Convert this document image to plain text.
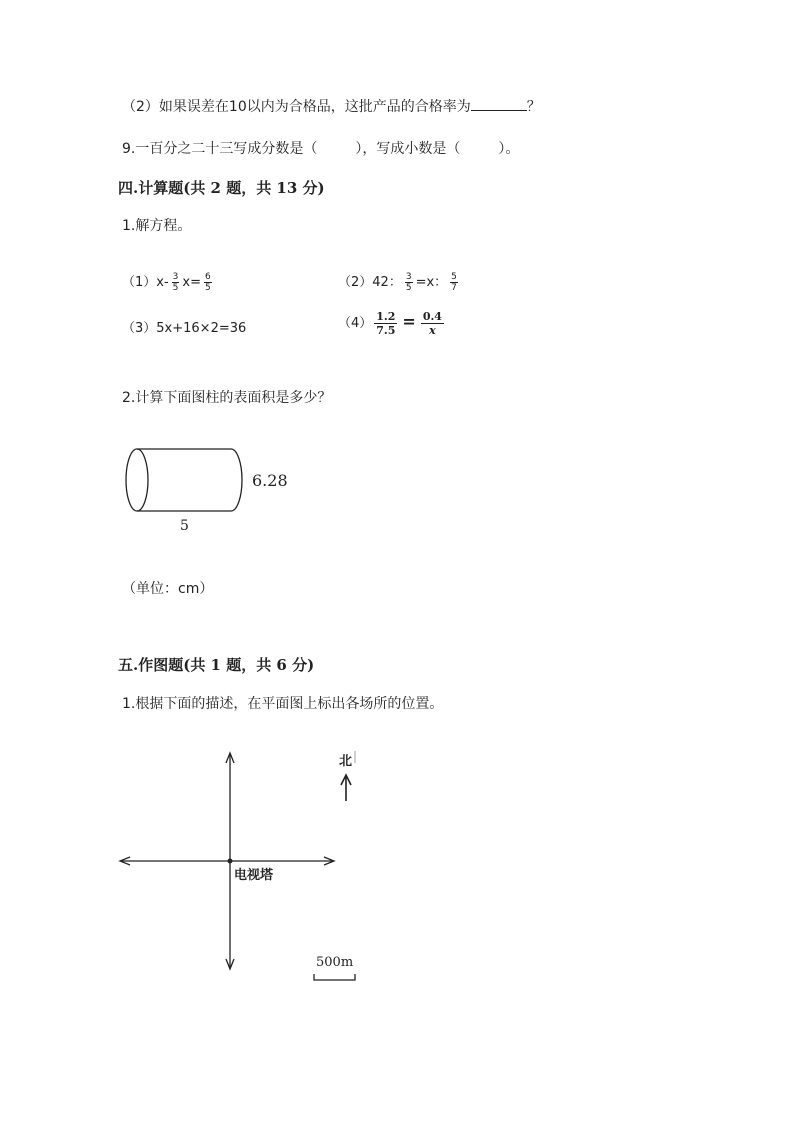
（2）如果误差在10以内为合格品，这批产品的合格率为	？
9.一百分之二十三写成分数是（	），写成小数是（	）。
四.计算题(共 2 题，共 13 分)
1.解方程。
$(1)x- \frac{3}{5} x= \frac{6}{5}$	（2）42： $\frac{3}{5} =x$： $\frac{5}{7}$
（3）5x+16×2=36	$(4) \frac{1.2}{7.5} = \frac{0.4}{x}$
2.计算下面图柱的表面积是多少？
6.28
5
（单位：cm）
五.作图题(共 1 题，共 6 分)
1.根据下面的描述，在平面图上标出各场所的位置。
电视塔
北
500m
